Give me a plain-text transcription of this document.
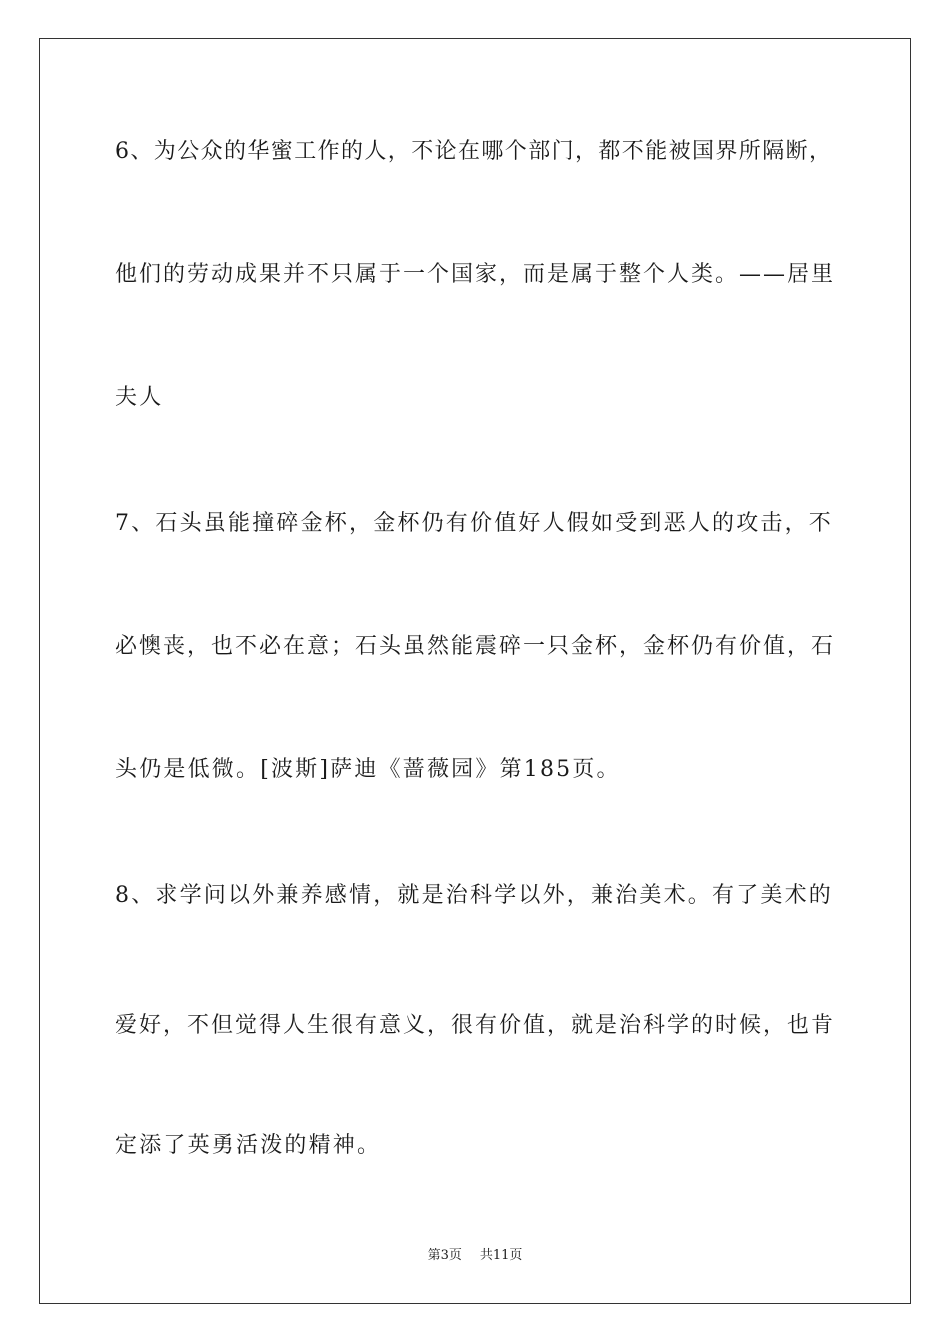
6、为公众的华蜜工作的人，不论在哪个部门，都不能被国界所隔断，

他们的劳动成果并不只属于一个国家，而是属于整个人类。——居里

夫人

7、石头虽能撞碎金杯，金杯仍有价值好人假如受到恶人的攻击，不

必懊丧，也不必在意；石头虽然能震碎一只金杯，金杯仍有价值，石

头仍是低微。[波斯]萨迪《蔷薇园》第185页。

8、求学问以外兼养感情，就是治科学以外，兼治美术。有了美术的

爱好，不但觉得人生很有意义，很有价值，就是治科学的时候，也肯

定添了英勇活泼的精神。

第3页 共11页
